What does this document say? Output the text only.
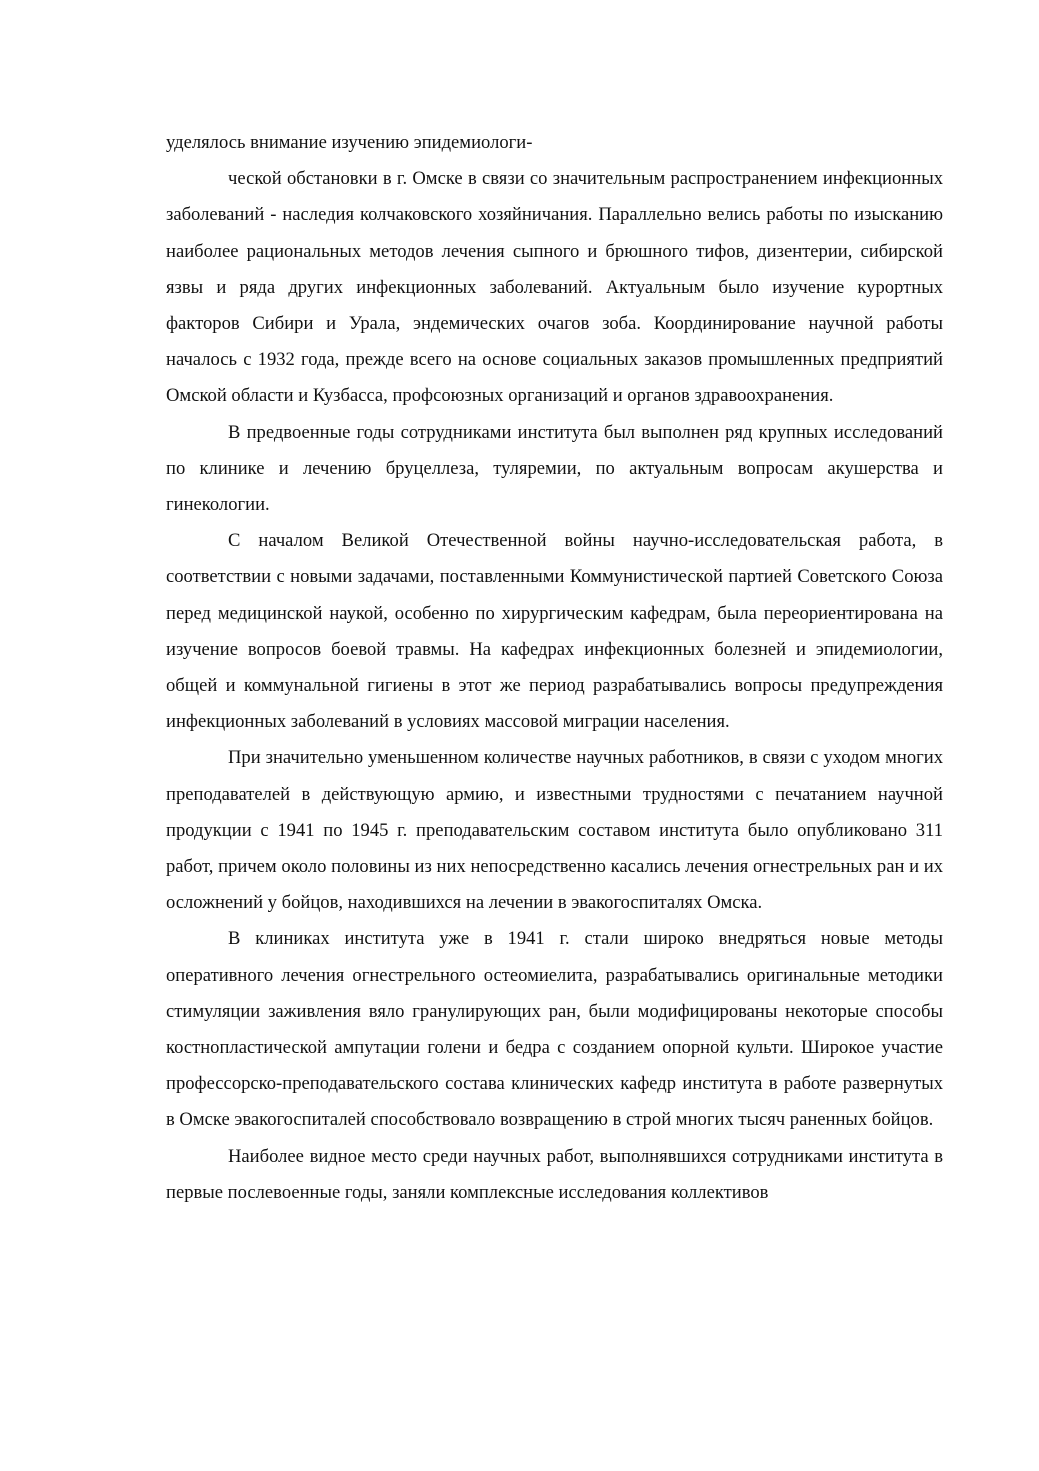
уделялось внимание изучению эпидемиологи-

ческой обстановки в г. Омске в связи со значительным распространением инфекционных заболеваний - наследия колчаковского хозяйничания. Параллельно велись работы по изысканию наиболее рациональных методов лечения сыпного и брюшного тифов, дизентерии, сибирской язвы и ряда других инфекционных заболеваний. Актуальным было изучение курортных факторов Сибири и Урала, эндемических очагов зоба. Координирование научной работы началось с 1932 года, прежде всего на основе социальных заказов промышленных предприятий Омской области и Кузбасса, профсоюзных организаций и органов здравоохранения.

В предвоенные годы сотрудниками института был выполнен ряд крупных исследований по клинике и лечению бруцеллеза, туляремии, по актуальным вопросам акушерства и гинекологии.

С началом Великой Отечественной войны научно-исследовательская работа, в соответствии с новыми задачами, поставленными Коммунистической партией Советского Союза перед медицинской наукой, особенно по хирургическим кафедрам, была переориентирована на изучение вопросов боевой травмы. На кафедрах инфекционных болезней и эпидемиологии, общей и коммунальной гигиены в этот же период разрабатывались вопросы предупреждения инфекционных заболеваний в условиях массовой миграции населения.

При значительно уменьшенном количестве научных работников, в связи с уходом многих преподавателей в действующую армию, и известными трудностями с печатанием научной продукции с 1941 по 1945 г. преподавательским составом института было опубликовано 311 работ, причем около половины из них непосредственно касались лечения огнестрельных ран и их осложнений у бойцов, находившихся на лечении в эвакогоспиталях Омска.

В клиниках института уже в 1941 г. стали широко внедряться новые методы оперативного лечения огнестрельного остеомиелита, разрабатывались оригинальные методики стимуляции заживления вяло гранулирующих ран, были модифицированы некоторые способы костнопластической ампутации голени и бедра с созданием опорной культи. Широкое участие профессорско-преподавательского состава клинических кафедр института в работе развернутых в Омске эвакогоспиталей способствовало возвращению в строй многих тысяч раненных бойцов.

Наиболее видное место среди научных работ, выполнявшихся сотрудниками института в первые послевоенные годы, заняли комплексные исследования коллективов
